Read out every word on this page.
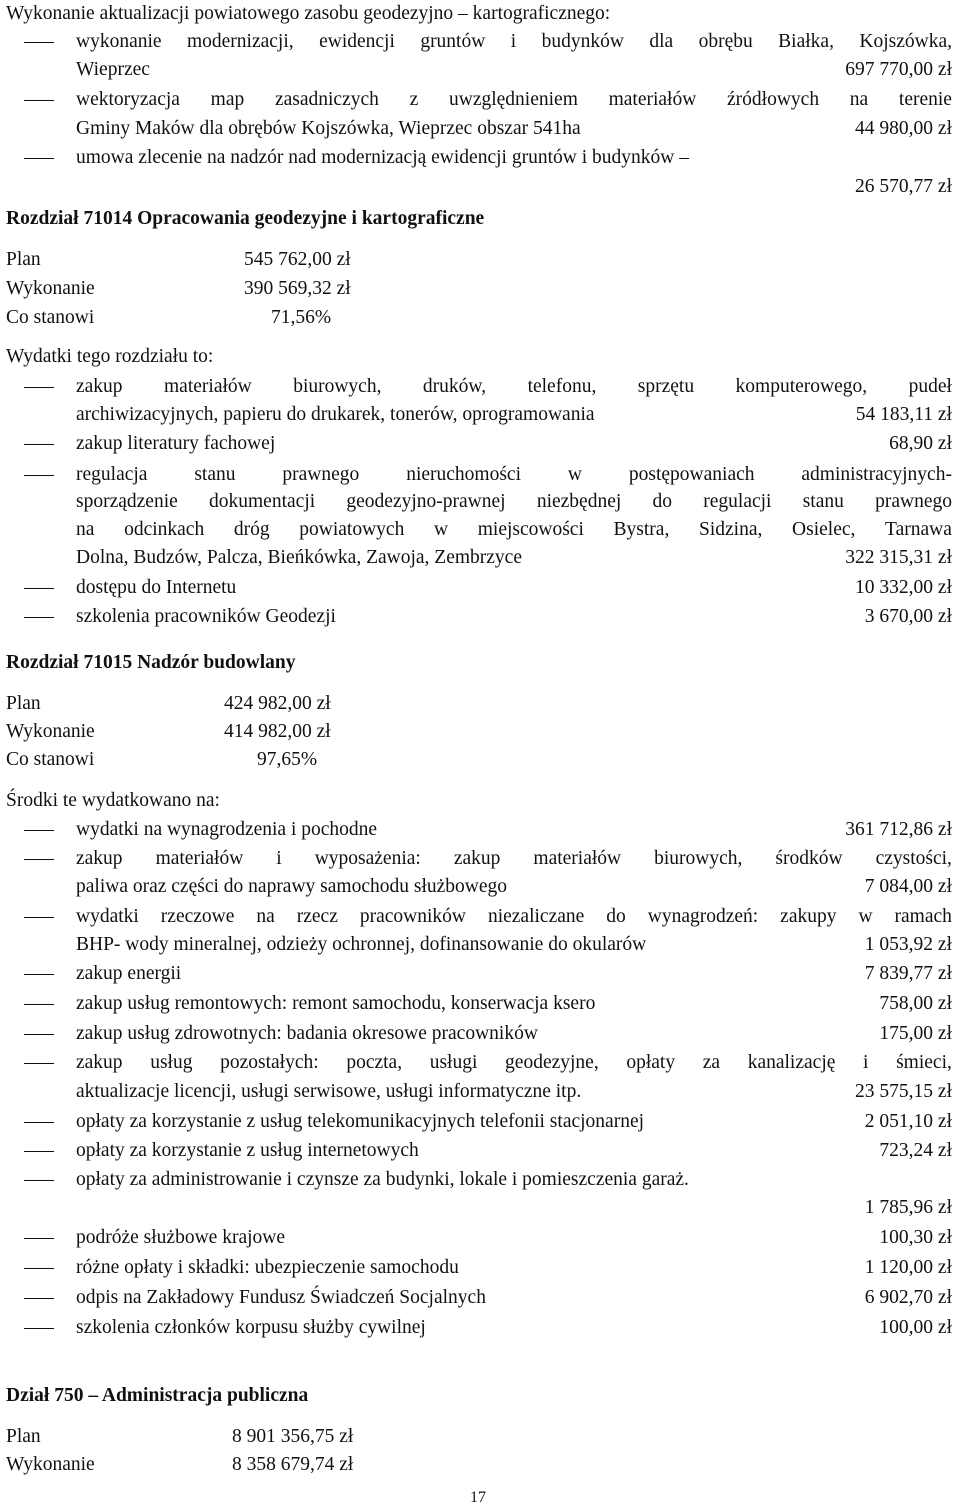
Wykonanie aktualizacji powiatowego zasobu geodezyjno – kartograficznego:
wykonanie modernizacji, ewidencji gruntów i budynków dla obrębu Białka, Kojszówka,
Wieprzec	697 770,00 zł
wektoryzacja map zasadniczych z uwzględnieniem materiałów źródłowych na terenie
Gminy Maków dla obrębów Kojszówka, Wieprzec obszar 541ha	44 980,00 zł
umowa zlecenie na nadzór nad modernizacją ewidencji gruntów i budynków –
26 570,77 zł
Rozdział 71014 Opracowania geodezyjne i kartograficzne
Plan	545 762,00 zł
Wykonanie	390 569,32 zł
Co stanowi	71,56%
Wydatki tego rozdziału to:
zakup materiałów biurowych, druków, telefonu, sprzętu komputerowego, pudeł
archiwizacyjnych, papieru do drukarek, tonerów, oprogramowania	54 183,11 zł
zakup literatury fachowej	68,90 zł
regulacja stanu prawnego nieruchomości w postępowaniach administracyjnych-
sporządzenie dokumentacji geodezyjno-prawnej niezbędnej do regulacji stanu prawnego
na odcinkach dróg powiatowych w miejscowości Bystra, Sidzina, Osielec, Tarnawa
Dolna, Budzów, Palcza, Bieńkówka, Zawoja, Zembrzyce	322 315,31 zł
dostępu do Internetu	10 332,00 zł
szkolenia pracowników Geodezji	3 670,00 zł
Rozdział 71015 Nadzór budowlany
Plan	424 982,00 zł
Wykonanie	414 982,00 zł
Co stanowi	97,65%
Środki te wydatkowano na:
wydatki na wynagrodzenia i pochodne	361 712,86 zł
zakup materiałów i wyposażenia: zakup materiałów biurowych, środków czystości,
paliwa oraz części do naprawy samochodu służbowego	7 084,00 zł
wydatki rzeczowe na rzecz pracowników niezaliczane do wynagrodzeń: zakupy w ramach
BHP- wody mineralnej, odzieży ochronnej, dofinansowanie do okularów	1 053,92 zł
zakup energii	7 839,77 zł
zakup usług remontowych: remont samochodu, konserwacja ksero	758,00 zł
zakup usług zdrowotnych: badania okresowe pracowników	175,00 zł
zakup usług pozostałych: poczta, usługi geodezyjne, opłaty za kanalizację i śmieci,
aktualizacje licencji, usługi serwisowe, usługi informatyczne itp.	23 575,15 zł
opłaty za korzystanie z usług telekomunikacyjnych telefonii stacjonarnej	2 051,10 zł
opłaty za korzystanie z usług internetowych	723,24 zł
opłaty za administrowanie i czynsze za budynki, lokale i pomieszczenia garaż.
1 785,96 zł
podróże służbowe krajowe	100,30 zł
różne opłaty i składki: ubezpieczenie samochodu	1 120,00 zł
odpis na Zakładowy Fundusz Świadczeń Socjalnych	6 902,70 zł
szkolenia członków korpusu służby cywilnej	100,00 zł
Dział 750 – Administracja publiczna
Plan	8 901 356,75 zł
Wykonanie	8 358 679,74 zł
17
